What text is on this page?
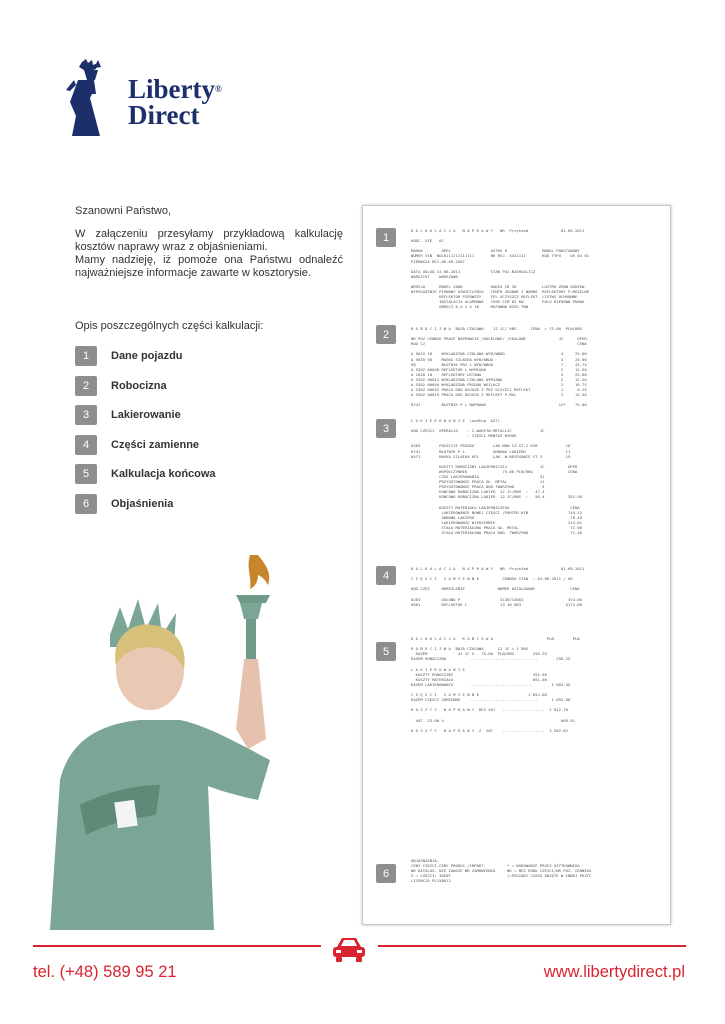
Liberty®
Direct
Szanowni Państwo,

W załączeniu przesyłamy przykładową kalkulację kosztów naprawy wraz z objaśnieniami.

Mamy nadzieję, iż pomoże ona Państwu odnaleźć najważniejsze informacje zawarte w kosztorysie.

Opis poszczególnych części kalkulacji:
1	Dane pojazdu
2	Robocizna
3	Lakierowanie
4	Części zamienne
5	Kalkulacja końcowa
6	Objaśnienia
1
K A L K U L A C J A   N A P R A W Y   NR  Przykład              01.09.2011

KODC. SIE   OC

MARKA        OPEL                 ASTRA H               MODEL PODSTAWOWY
NUMER VIN  WOL0111111111111       NR REJ. XXX1111       KOD TYPU    05 04 01
PIERWSZA REJ.06.09.2007

DATA OGLĘD.31.08.2011             STAN POJ.NIEROZLICZ
WARSZTAT    WARSZAWA

WERSJA      MODEL 2006            RADIO CD 30           LUSTRK ZEWN OGRZEW.
WYPOSAŻENIE PIONOWY OŚWIETLENIA   CENTR ZGODNE Z NORMA  REFLEKTORY P-MGIELNE
REFLEKTOR PIERWSZY    FEL OCZYSZCZ REFLEKT  LISTWY OCHRONNE
INSTALACJA ALARMOWA   1995 CCM 85 KW        POLO KIEROWN PRAWA
OBRĘCZ 6,5 J X 16     MUFOWNA BIEG TNW
2	R O B O C I Z N A  BAZA CZASOWA    12 JC/ RBG      CENA  = 75.00  PLN/RBG

NR POZ CENNIK PRACE NAPRAWCZE /DOCELOWE/ /SKALOWE              JC      OPER.
ROD CZ                                                                 CENA

A 5615 10    WYKLADZINA CZOLOWA WYB/WBUD                        4     25.00
A 5035 50    MASKA SILNIKA WYB/WBUD                             4     25.00
98           BŁOTNIK PRZ L WYB/WBUD                             7     43.75
A 5302 00040 REFLEKTOR L WYMIANA                                2     12.50
A 1020 10    REFLEKTORY USTAWA                                  4     25.00
A 5302 00012 WYKLADZINA CZOLOWA WYMIANA                         2     12.50
A 5302 00040 WYKLADZINA PRZODU WSZLOCZ                          2     18.75
A 5302 00032 PRACA DOD DOJAZD Z PRZ OCZYŚCI REFLEKT             1      6.25
A 5302 00019 PRACA DOD DOJAZD Z REFLEKT P-MGL                   2     12.50

6741         BŁOTNIK P L NAPRAWA                               12*    75.00
3
L A K I E R O W A N I E  (według  AZT)

KOD CZĘŚCI  OPERACJA    - 2-WARSTW-METALLIC            JC
- CZĘŚCI MONTAŻ WYBÓR

0283        POSZYCIE PRZODU        LAK.NOW.CZ.ST.1 KIB            10
6741        BŁOTNIK P L            ODNOWA LAKIERU                 11
0471        MASKA SILNIKA KPL      LAK. W.BRZEGOWIE ST 2          19

KOSZTY ROBOCIZNY LAKIERNICZEJ              JC          OPER.
WSPÓŁCZYNNIK               75.00 PLN/RBG               CENA
CZAS LAKIEROWANIA                          31
PRZYGOTOWANIE PRACA GŁ. METAL              11
PRZYGOTOWANIE PRACA DOD.TWORZYWO            5
KONCOWA ROBOCIZNA LAKIER  12 JC/RBG  :   47.4
KONCOWA ROBOCIZNA LAKIER  12 JC/RBG  :   56.4          352.50

KOSZTY MATERIAŁU LAKIERNICZEGO                          CENA
LAKIEROWANIE NOWEJ CZĘŚCI /PORTER KIB                 744.13
ODNOWA LAKIERU                                         78.49
LAKIEROWANIE WIERZCHNIE                               214.81
STAŁA MATERIAŁOWA PRACA GŁ. METAL                      71.96
STAŁA MATERIAŁOWA PRACA DOD. TWORZYWO                  71.46
4
K A L K U L A C J A   N A P R A W Y   NR  Przykład              01.09.2011

C Z Ę Ś C I   Z A M I E N N E          CENNIK STAN  : 01.08.2011 / 09

KOD CZĘŚ     OKREŚLENIE              NUMER KATALOGOWY               CENA

0283         OSŁONA P                 3136714003                   474.00
0561         REFLEKTOR L              13 16 663                   $173.00
5
K A L K U L A C J A   K O Ń C O W A                       PLN        PLN

R O B O C I Z N A  BAZA CZASOWA      12 JC = 1 RBG
RAZEM             41 JC X   75.00  PLN/RBG        256.25
RAZEM ROBOCIZNA          .............................        256.25

L A K I E R O W A N I E
KOSZTY ROBOCIZNY                                  352.50
KOSZTY MATERIAŁU                                  651.00
RAZEM LAKIEROWANIE       ...........................        1 004.45

C Z Ę Ś C I   Z A M I E N N E                     1 652.00
RAZEM CZĘŚCI ZAMIENNE    .............................      1 652.00

K O S Z T Y   N A P R A W Y  BEZ VAT   ..................  2 912.70

VAT  23.00 %                                                  669.91

K O S Z T Y   N A P R A W Y  Z  VAT    ..................  3 582.62
6
OBJAŚNIENIA:
CENY CZĘŚCI-CENY PRODUC./IMPORT.         * = WSKOWANIE PRZEZ UŻYTKOWNIKA
NR KATALOG. NIE ZAWSZE NR ZAMÓWIENIA     NK = BEZ KODU CZĘŚCI/NR POZ. CENNIKA
Z = CZĘŚCI: IDENT.                       (=POSIADY CZASU OBJĘTE W INNEJ POZYC
LICENCJA PL15B012
tel. (+48) 589 95 21	www.libertydirect.pl
